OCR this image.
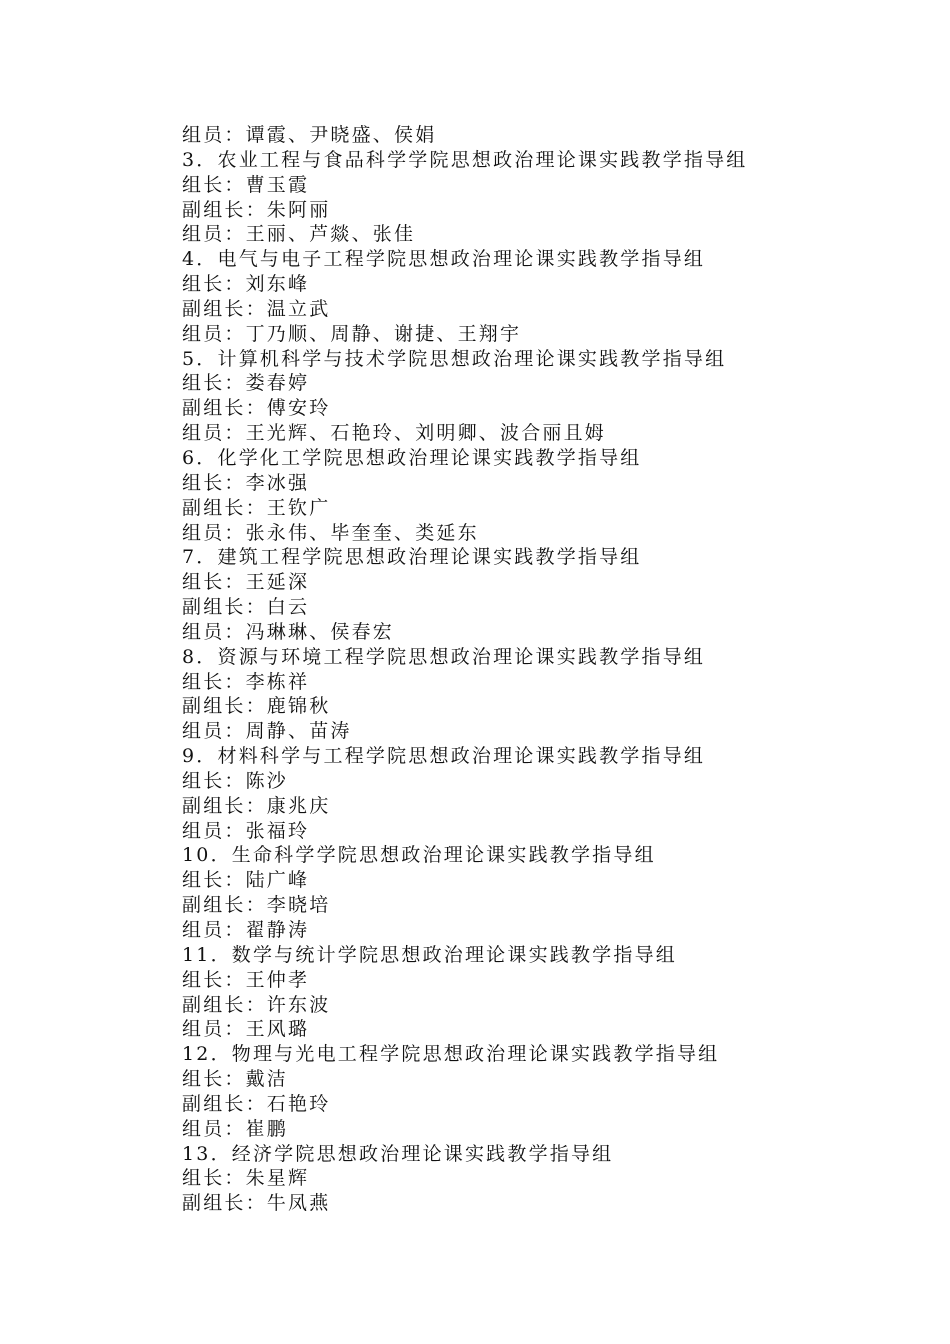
组员：谭霞、尹晓盛、侯娟
3．农业工程与食品科学学院思想政治理论课实践教学指导组
组长：曹玉霞
副组长：朱阿丽
组员：王丽、芦燚、张佳
4．电气与电子工程学院思想政治理论课实践教学指导组
组长：刘东峰
副组长：温立武
组员：丁乃顺、周静、谢捷、王翔宇
5．计算机科学与技术学院思想政治理论课实践教学指导组
组长：娄春婷
副组长：傅安玲
组员：王光辉、石艳玲、刘明卿、波合丽且姆
6．化学化工学院思想政治理论课实践教学指导组
组长：李冰强
副组长：王钦广
组员：张永伟、毕奎奎、类延东
7．建筑工程学院思想政治理论课实践教学指导组
组长：王延深
副组长：白云
组员：冯琳琳、侯春宏
8．资源与环境工程学院思想政治理论课实践教学指导组
组长：李栋祥
副组长：鹿锦秋
组员：周静、苗涛
9．材料科学与工程学院思想政治理论课实践教学指导组
组长：陈沙
副组长：康兆庆
组员：张福玲
10．生命科学学院思想政治理论课实践教学指导组
组长：陆广峰
副组长：李晓培
组员：翟静涛
11．数学与统计学院思想政治理论课实践教学指导组
组长：王仲孝
副组长：许东波
组员：王风璐
12．物理与光电工程学院思想政治理论课实践教学指导组
组长：戴洁
副组长：石艳玲
组员：崔鹏
13．经济学院思想政治理论课实践教学指导组
组长：朱星辉
副组长：牛凤燕
